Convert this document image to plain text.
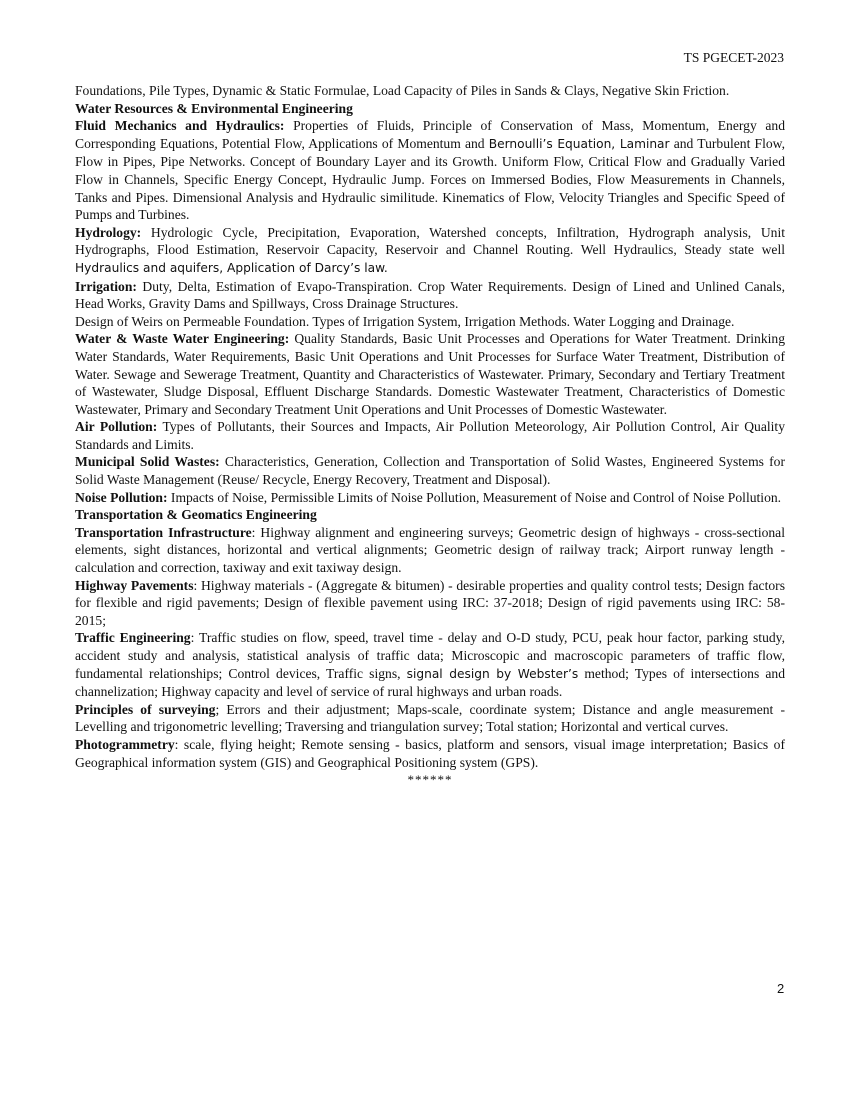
TS PGECET-2023

Foundations, Pile Types, Dynamic & Static Formulae, Load Capacity of Piles in Sands & Clays, Negative Skin Friction.

Water Resources & Environmental Engineering

Fluid Mechanics and Hydraulics: Properties of Fluids, Principle of Conservation of Mass, Momentum, Energy and Corresponding Equations, Potential Flow, Applications of Momentum and Bernoulli’s Equation, Laminar and Turbulent Flow, Flow in Pipes, Pipe Networks. Concept of Boundary Layer and its Growth. Uniform Flow, Critical Flow and Gradually Varied Flow in Channels, Specific Energy Concept, Hydraulic Jump. Forces on Immersed Bodies, Flow Measurements in Channels, Tanks and Pipes. Dimensional Analysis and Hydraulic similitude. Kinematics of Flow, Velocity Triangles and Specific Speed of Pumps and Turbines.

Hydrology: Hydrologic Cycle, Precipitation, Evaporation, Watershed concepts, Infiltration, Hydrograph analysis, Unit Hydrographs, Flood Estimation, Reservoir Capacity, Reservoir and Channel Routing. Well Hydraulics, Steady state well Hydraulics and aquifers, Application of Darcy’s law.

Irrigation: Duty, Delta, Estimation of Evapo-Transpiration. Crop Water Requirements. Design of Lined and Unlined Canals, Head Works, Gravity Dams and Spillways, Cross Drainage Structures.

Design of Weirs on Permeable Foundation. Types of Irrigation System, Irrigation Methods. Water Logging and Drainage.

Water & Waste Water Engineering: Quality Standards, Basic Unit Processes and Operations for Water Treatment. Drinking Water Standards, Water Requirements, Basic Unit Operations and Unit Processes for Surface Water Treatment, Distribution of Water. Sewage and Sewerage Treatment, Quantity and Characteristics of Wastewater. Primary, Secondary and Tertiary Treatment of Wastewater, Sludge Disposal, Effluent Discharge Standards. Domestic Wastewater Treatment, Characteristics of Domestic Wastewater, Primary and Secondary Treatment Unit Operations and Unit Processes of Domestic Wastewater.

Air Pollution: Types of Pollutants, their Sources and Impacts, Air Pollution Meteorology, Air Pollution Control, Air Quality Standards and Limits.

Municipal Solid Wastes: Characteristics, Generation, Collection and Transportation of Solid Wastes, Engineered Systems for Solid Waste Management (Reuse/ Recycle, Energy Recovery, Treatment and Disposal).

Noise Pollution: Impacts of Noise, Permissible Limits of Noise Pollution, Measurement of Noise and Control of Noise Pollution.

Transportation & Geomatics Engineering

Transportation Infrastructure: Highway alignment and engineering surveys; Geometric design of highways - cross-sectional elements, sight distances, horizontal and vertical alignments; Geometric design of railway track; Airport runway length - calculation and correction, taxiway and exit taxiway design.

Highway Pavements: Highway materials - (Aggregate & bitumen) - desirable properties and quality control tests; Design factors for flexible and rigid pavements; Design of flexible pavement using IRC: 37-2018; Design of rigid pavements using IRC: 58-2015;

Traffic Engineering: Traffic studies on flow, speed, travel time - delay and O-D study, PCU, peak hour factor, parking study, accident study and analysis, statistical analysis of traffic data; Microscopic and macroscopic parameters of traffic flow, fundamental relationships; Control devices, Traffic signs, signal design by Webster’s method; Types of intersections and channelization; Highway capacity and level of service of rural highways and urban roads.

Principles of surveying; Errors and their adjustment; Maps-scale, coordinate system; Distance and angle measurement - Levelling and trigonometric levelling; Traversing and triangulation survey; Total station; Horizontal and vertical curves.

Photogrammetry: scale, flying height; Remote sensing - basics, platform and sensors, visual image interpretation; Basics of Geographical information system (GIS) and Geographical Positioning system (GPS).

******

2
